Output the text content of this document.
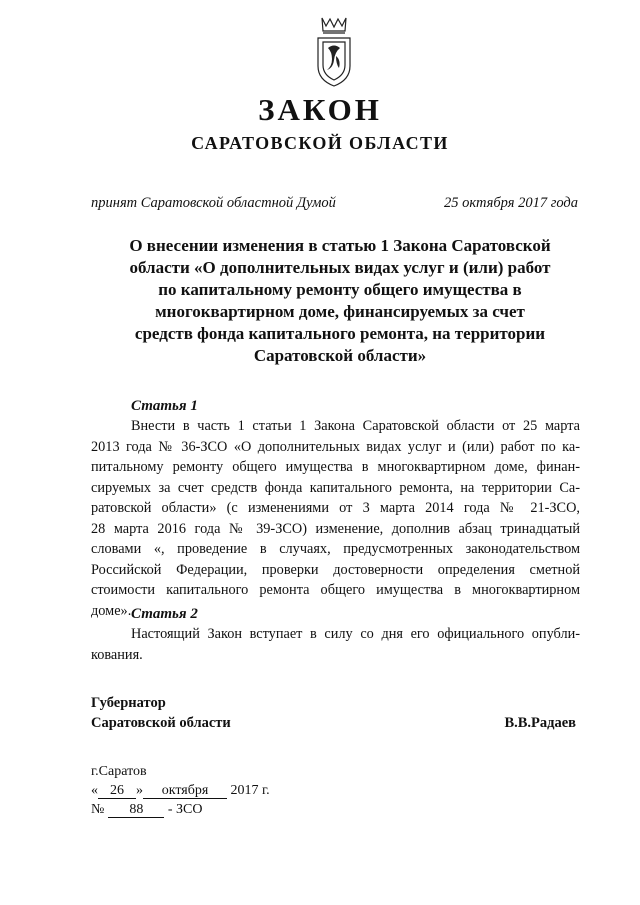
ЗАКОН
САРАТОВСКОЙ ОБЛАСТИ
принят Саратовской областной Думой	25 октября 2017 года
О внесении изменения в статью 1 Закона Саратовской
области «О дополнительных видах услуг и (или) работ
по капитальному ремонту общего имущества в
многоквартирном доме, финансируемых за счет
средств фонда капитального ремонта, на территории
Саратовской области»
Статья 1
Внести в часть 1 статьи 1 Закона Саратовской области от 25 марта
2013 года № 36-ЗСО «О дополнительных видах услуг и (или) работ по ка-
питальному ремонту общего имущества в многоквартирном доме, финан-
сируемых за счет средств фонда капитального ремонта, на территории Са-
ратовской области» (с изменениями от 3 марта 2014 года № 21-ЗСО,
28 марта 2016 года № 39-ЗСО) изменение, дополнив абзац тринадцатый
словами «, проведение в случаях, предусмотренных законодательством
Российской Федерации, проверки достоверности определения сметной
стоимости капитального ремонта общего имущества в многоквартирном
доме». Статья 2
Настоящий Закон вступает в силу со дня его официального опубли-
кования.
Губернатор
Саратовской области	В.В.Радаев
г.Саратов
« 26 » октября 2017 г.
№ 88 - ЗСО
